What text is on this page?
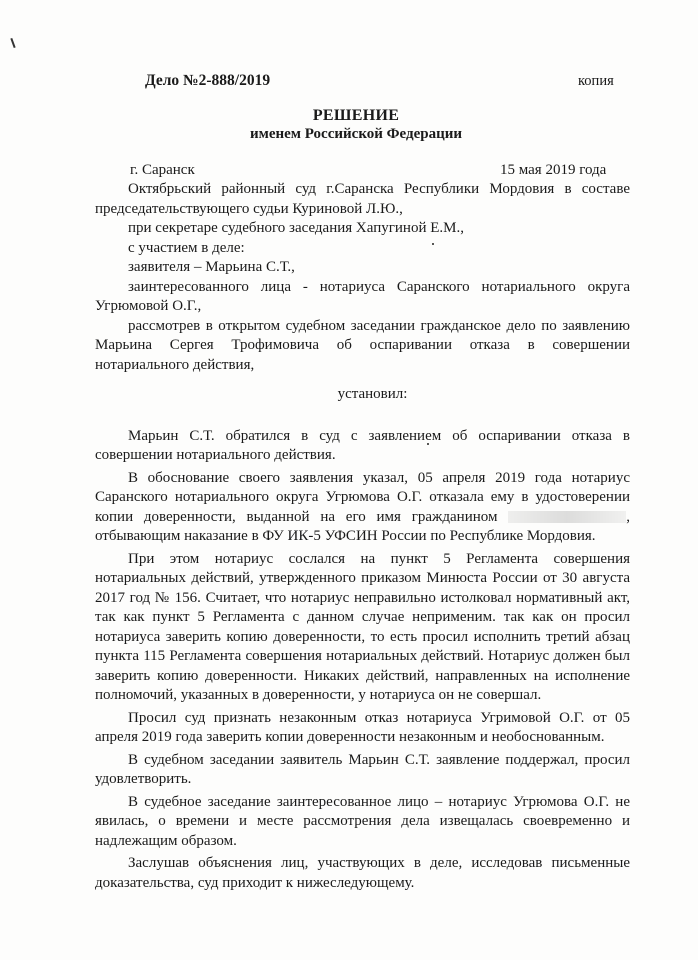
Дело №2-888/2019	копия
РЕШЕНИЕ
именем Российской Федерации
г. Саранск	15 мая 2019 года

Октябрьский районный суд г.Саранска Республики Мордовия в составе председательствующего судьи Куриновой Л.Ю.,

при секретаре судебного заседания Хапугиной Е.М.,

с участием в деле:

заявителя – Марьина С.Т.,

заинтересованного лица - нотариуса Саранского нотариального округа Угрюмовой О.Г.,

рассмотрев в открытом судебном заседании гражданское дело по заявлению Марьина Сергея Трофимовича об оспаривании отказа в совершении нотариального действия,

установил:

Марьин С.Т. обратился в суд с заявлением об оспаривании отказа в совершении нотариального действия.

В обоснование своего заявления указал, 05 апреля 2019 года нотариус Саранского нотариального округа Угрюмова О.Г. отказала ему в удостоверении копии доверенности, выданной на его имя гражданином	, отбывающим наказание в ФУ ИК-5 УФСИН России по Республике Мордовия.

При этом нотариус сослался на пункт 5 Регламента совершения нотариальных действий, утвержденного приказом Минюста России от 30 августа 2017 год № 156. Считает, что нотариус неправильно истолковал нормативный акт, так как пункт 5 Регламента с данном случае неприменим. так как он просил нотариуса заверить копию доверенности, то есть просил исполнить третий абзац пункта 115 Регламента совершения нотариальных действий. Нотариус должен был заверить копию доверенности. Никаких действий, направленных на исполнение полномочий, указанных в доверенности, у нотариуса он не совершал.

Просил суд признать незаконным отказ нотариуса Угримовой О.Г. от 05 апреля 2019 года заверить копии доверенности незаконным и необоснованным.

В судебном заседании заявитель Марьин С.Т. заявление поддержал, просил удовлетворить.

В судебное заседание заинтересованное лицо – нотариус Угрюмова О.Г. не явилась, о времени и месте рассмотрения дела извещалась своевременно и надлежащим образом.

Заслушав объяснения лиц, участвующих в деле, исследовав письменные доказательства, суд приходит к нижеследующему.
